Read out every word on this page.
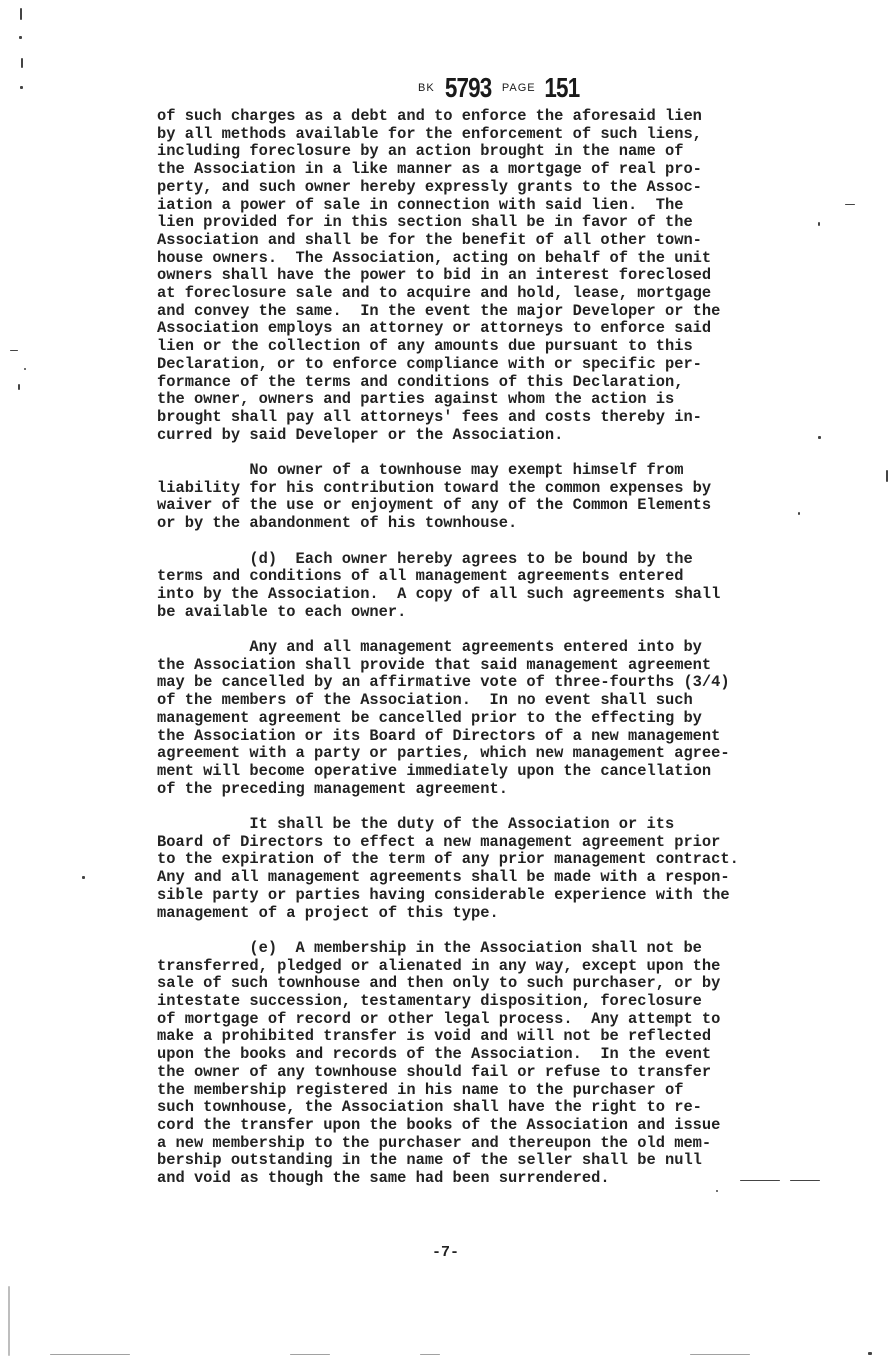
BK 5793 PAGE 151

of such charges as a debt and to enforce the aforesaid lien
by all methods available for the enforcement of such liens,
including foreclosure by an action brought in the name of
the Association in a like manner as a mortgage of real pro-
perty, and such owner hereby expressly grants to the Assoc-
iation a power of sale in connection with said lien.  The
lien provided for in this section shall be in favor of the
Association and shall be for the benefit of all other town-
house owners.  The Association, acting on behalf of the unit
owners shall have the power to bid in an interest foreclosed
at foreclosure sale and to acquire and hold, lease, mortgage
and convey the same.  In the event the major Developer or the
Association employs an attorney or attorneys to enforce said
lien or the collection of any amounts due pursuant to this
Declaration, or to enforce compliance with or specific per-
formance of the terms and conditions of this Declaration,
the owner, owners and parties against whom the action is
brought shall pay all attorneys' fees and costs thereby in-
curred by said Developer or the Association.

No owner of a townhouse may exempt himself from
liability for his contribution toward the common expenses by
waiver of the use or enjoyment of any of the Common Elements
or by the abandonment of his townhouse.

(d)  Each owner hereby agrees to be bound by the
terms and conditions of all management agreements entered
into by the Association.  A copy of all such agreements shall
be available to each owner.

Any and all management agreements entered into by
the Association shall provide that said management agreement
may be cancelled by an affirmative vote of three-fourths (3/4)
of the members of the Association.  In no event shall such
management agreement be cancelled prior to the effecting by
the Association or its Board of Directors of a new management
agreement with a party or parties, which new management agree-
ment will become operative immediately upon the cancellation
of the preceding management agreement.

It shall be the duty of the Association or its
Board of Directors to effect a new management agreement prior
to the expiration of the term of any prior management contract.
Any and all management agreements shall be made with a respon-
sible party or parties having considerable experience with the
management of a project of this type.

(e)  A membership in the Association shall not be
transferred, pledged or alienated in any way, except upon the
sale of such townhouse and then only to such purchaser, or by
intestate succession, testamentary disposition, foreclosure
of mortgage of record or other legal process.  Any attempt to
make a prohibited transfer is void and will not be reflected
upon the books and records of the Association.  In the event
the owner of any townhouse should fail or refuse to transfer
the membership registered in his name to the purchaser of
such townhouse, the Association shall have the right to re-
cord the transfer upon the books of the Association and issue
a new membership to the purchaser and thereupon the old mem-
bership outstanding in the name of the seller shall be null
and void as though the same had been surrendered.

-7-
